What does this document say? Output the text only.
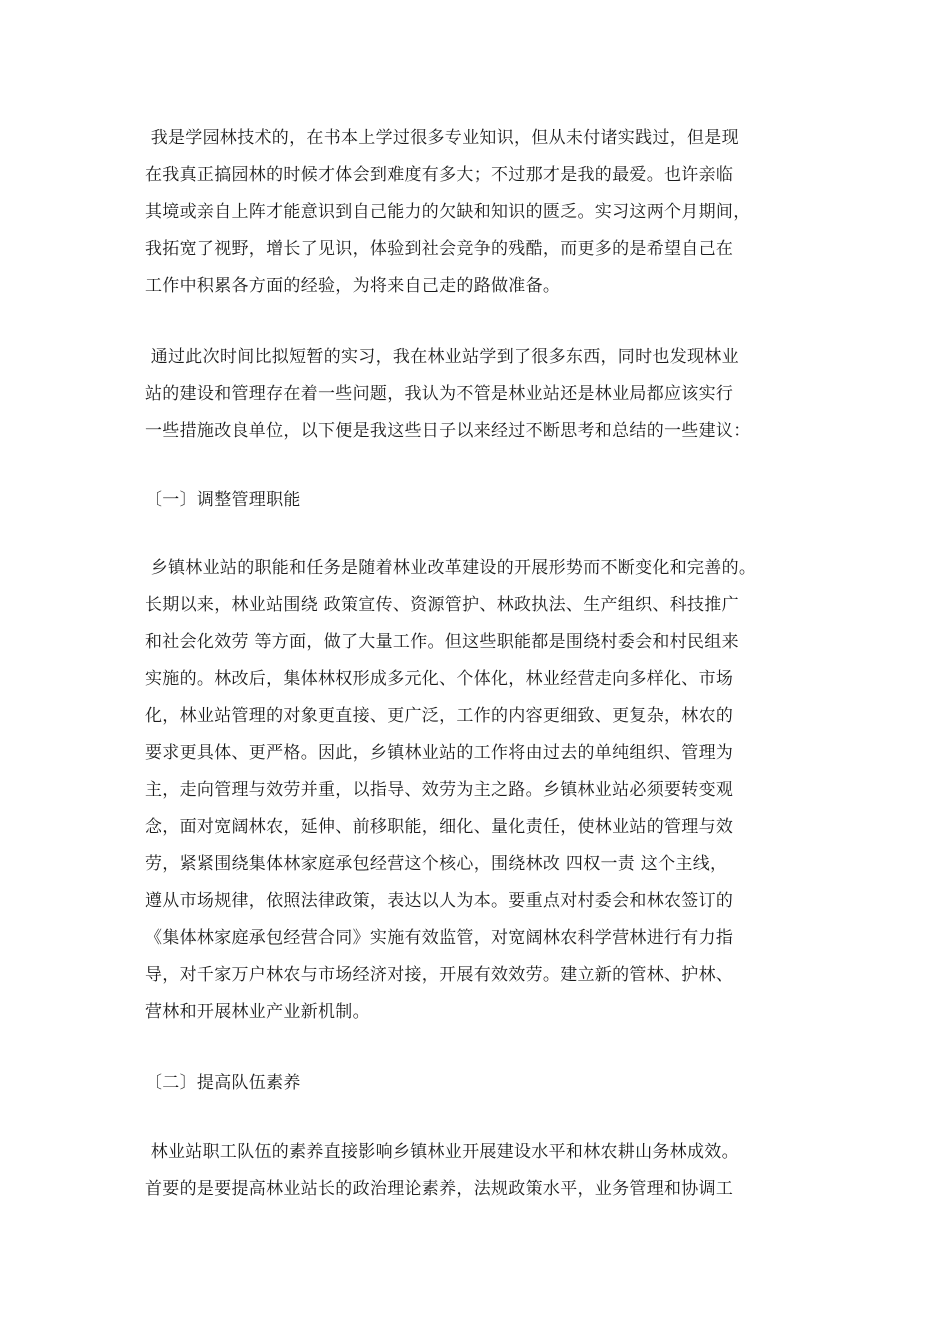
我是学园林技术的，在书本上学过很多专业知识，但从未付诸实践过，但是现
在我真正搞园林的时候才体会到难度有多大；不过那才是我的最爱。也许亲临
其境或亲自上阵才能意识到自己能力的欠缺和知识的匮乏。实习这两个月期间，
我拓宽了视野，增长了见识，体验到社会竞争的残酷，而更多的是希望自己在
工作中积累各方面的经验，为将来自己走的路做准备。
通过此次时间比拟短暂的实习，我在林业站学到了很多东西，同时也发现林业
站的建设和管理存在着一些问题，我认为不管是林业站还是林业局都应该实行
一些措施改良单位，以下便是我这些日子以来经过不断思考和总结的一些建议：
〔一〕调整管理职能
乡镇林业站的职能和任务是随着林业改革建设的开展形势而不断变化和完善的。
长期以来，林业站围绕 政策宣传、资源管护、林政执法、生产组织、科技推广
和社会化效劳 等方面，做了大量工作。但这些职能都是围绕村委会和村民组来
实施的。林改后，集体林权形成多元化、个体化，林业经营走向多样化、市场
化，林业站管理的对象更直接、更广泛，工作的内容更细致、更复杂，林农的
要求更具体、更严格。因此，乡镇林业站的工作将由过去的单纯组织、管理为
主，走向管理与效劳并重，以指导、效劳为主之路。乡镇林业站必须要转变观
念，面对宽阔林农，延伸、前移职能，细化、量化责任，使林业站的管理与效
劳，紧紧围绕集体林家庭承包经营这个核心，围绕林改 四权一责 这个主线，
遵从市场规律，依照法律政策，表达以人为本。要重点对村委会和林农签订的
《集体林家庭承包经营合同》实施有效监管，对宽阔林农科学营林进行有力指
导，对千家万户林农与市场经济对接，开展有效效劳。建立新的管林、护林、
营林和开展林业产业新机制。
〔二〕提高队伍素养
林业站职工队伍的素养直接影响乡镇林业开展建设水平和林农耕山务林成效。
首要的是要提高林业站长的政治理论素养，法规政策水平，业务管理和协调工
